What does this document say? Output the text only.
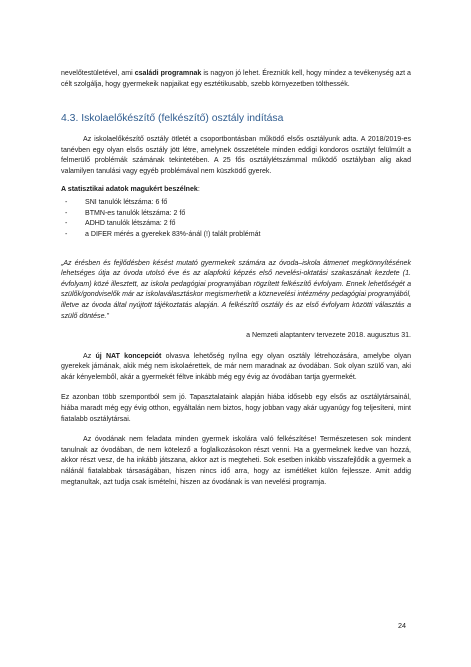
nevelőtestületével, ami családi programnak is nagyon jó lehet. Érezniük kell, hogy mindez a tevékenység azt a célt szolgálja, hogy gyermekeik napjaikat egy esztétikusabb, szebb környezetben tölthessék.

4.3. Iskolaelőkészítő (felkészítő) osztály indítása

Az iskolaelőkészítő osztály ötletét a csoportbontásban működő elsős osztályunk adta. A 2018/2019-es tanévben egy olyan elsős osztály jött létre, amelynek összetétele minden eddigi kondoros osztályt felülmúlt a felmerülő problémák számának tekintetében. A 25 fős osztálylétszámmal működő osztályban alig akad valamilyen tanulási vagy egyéb problémával nem küszködő gyerek.

A statisztikai adatok magukért beszélnek:

- SNI tanulók létszáma: 6 fő
- BTMN-es tanulók létszáma: 2 fő
- ADHD tanulók létszáma: 2 fő
- a DIFER mérés a gyerekek 83%-ánál (!) talált problémát

„Az érésben és fejlődésben késést mutató gyermekek számára az óvoda–iskola átmenet megkönnyítésének lehetséges útja az óvoda utolsó éve és az alapfokú képzés első nevelési-oktatási szakaszának kezdete (1. évfolyam) közé illesztett, az iskola pedagógiai programjában rögzített felkészítő évfolyam. Ennek lehetőségét a szülők/gondviselők már az iskolaválasztáskor megismerhetik a köznevelési intézmény pedagógiai programjából, illetve az óvoda által nyújtott tájékoztatás alapján. A felkészítő osztály és az első évfolyam közötti választás a szülő döntése.”

a Nemzeti alaptanterv tervezete 2018. augusztus 31.

Az új NAT koncepciót olvasva lehetőség nyílna egy olyan osztály létrehozására, amelybe olyan gyerekek járnának, akik még nem iskolaérettek, de már nem maradnak az óvodában. Sok olyan szülő van, aki akár kényelemből, akár a gyermekét féltve inkább még egy évig az óvodában tartja gyermekét.

Ez azonban több szempontból sem jó. Tapasztalataink alapján hiába idősebb egy elsős az osztálytársainál, hiába maradt még egy évig otthon, egyáltalán nem biztos, hogy jobban vagy akár ugyanúgy fog teljesíteni, mint fiatalabb osztálytársai.

Az óvodának nem feladata minden gyermek iskolára való felkészítése! Természetesen sok mindent tanulnak az óvodában, de nem kötelező a foglalkozásokon részt venni. Ha a gyermeknek kedve van hozzá, akkor részt vesz, de ha inkább játszana, akkor azt is megteheti. Sok esetben inkább visszafejlődik a gyermek a nálánál fiatalabbak társaságában, hiszen nincs idő arra, hogy az ismétléket külön fejlessze. Amit addig megtanultak, azt tudja csak ismételni, hiszen az óvodának is van nevelési programja.

24
